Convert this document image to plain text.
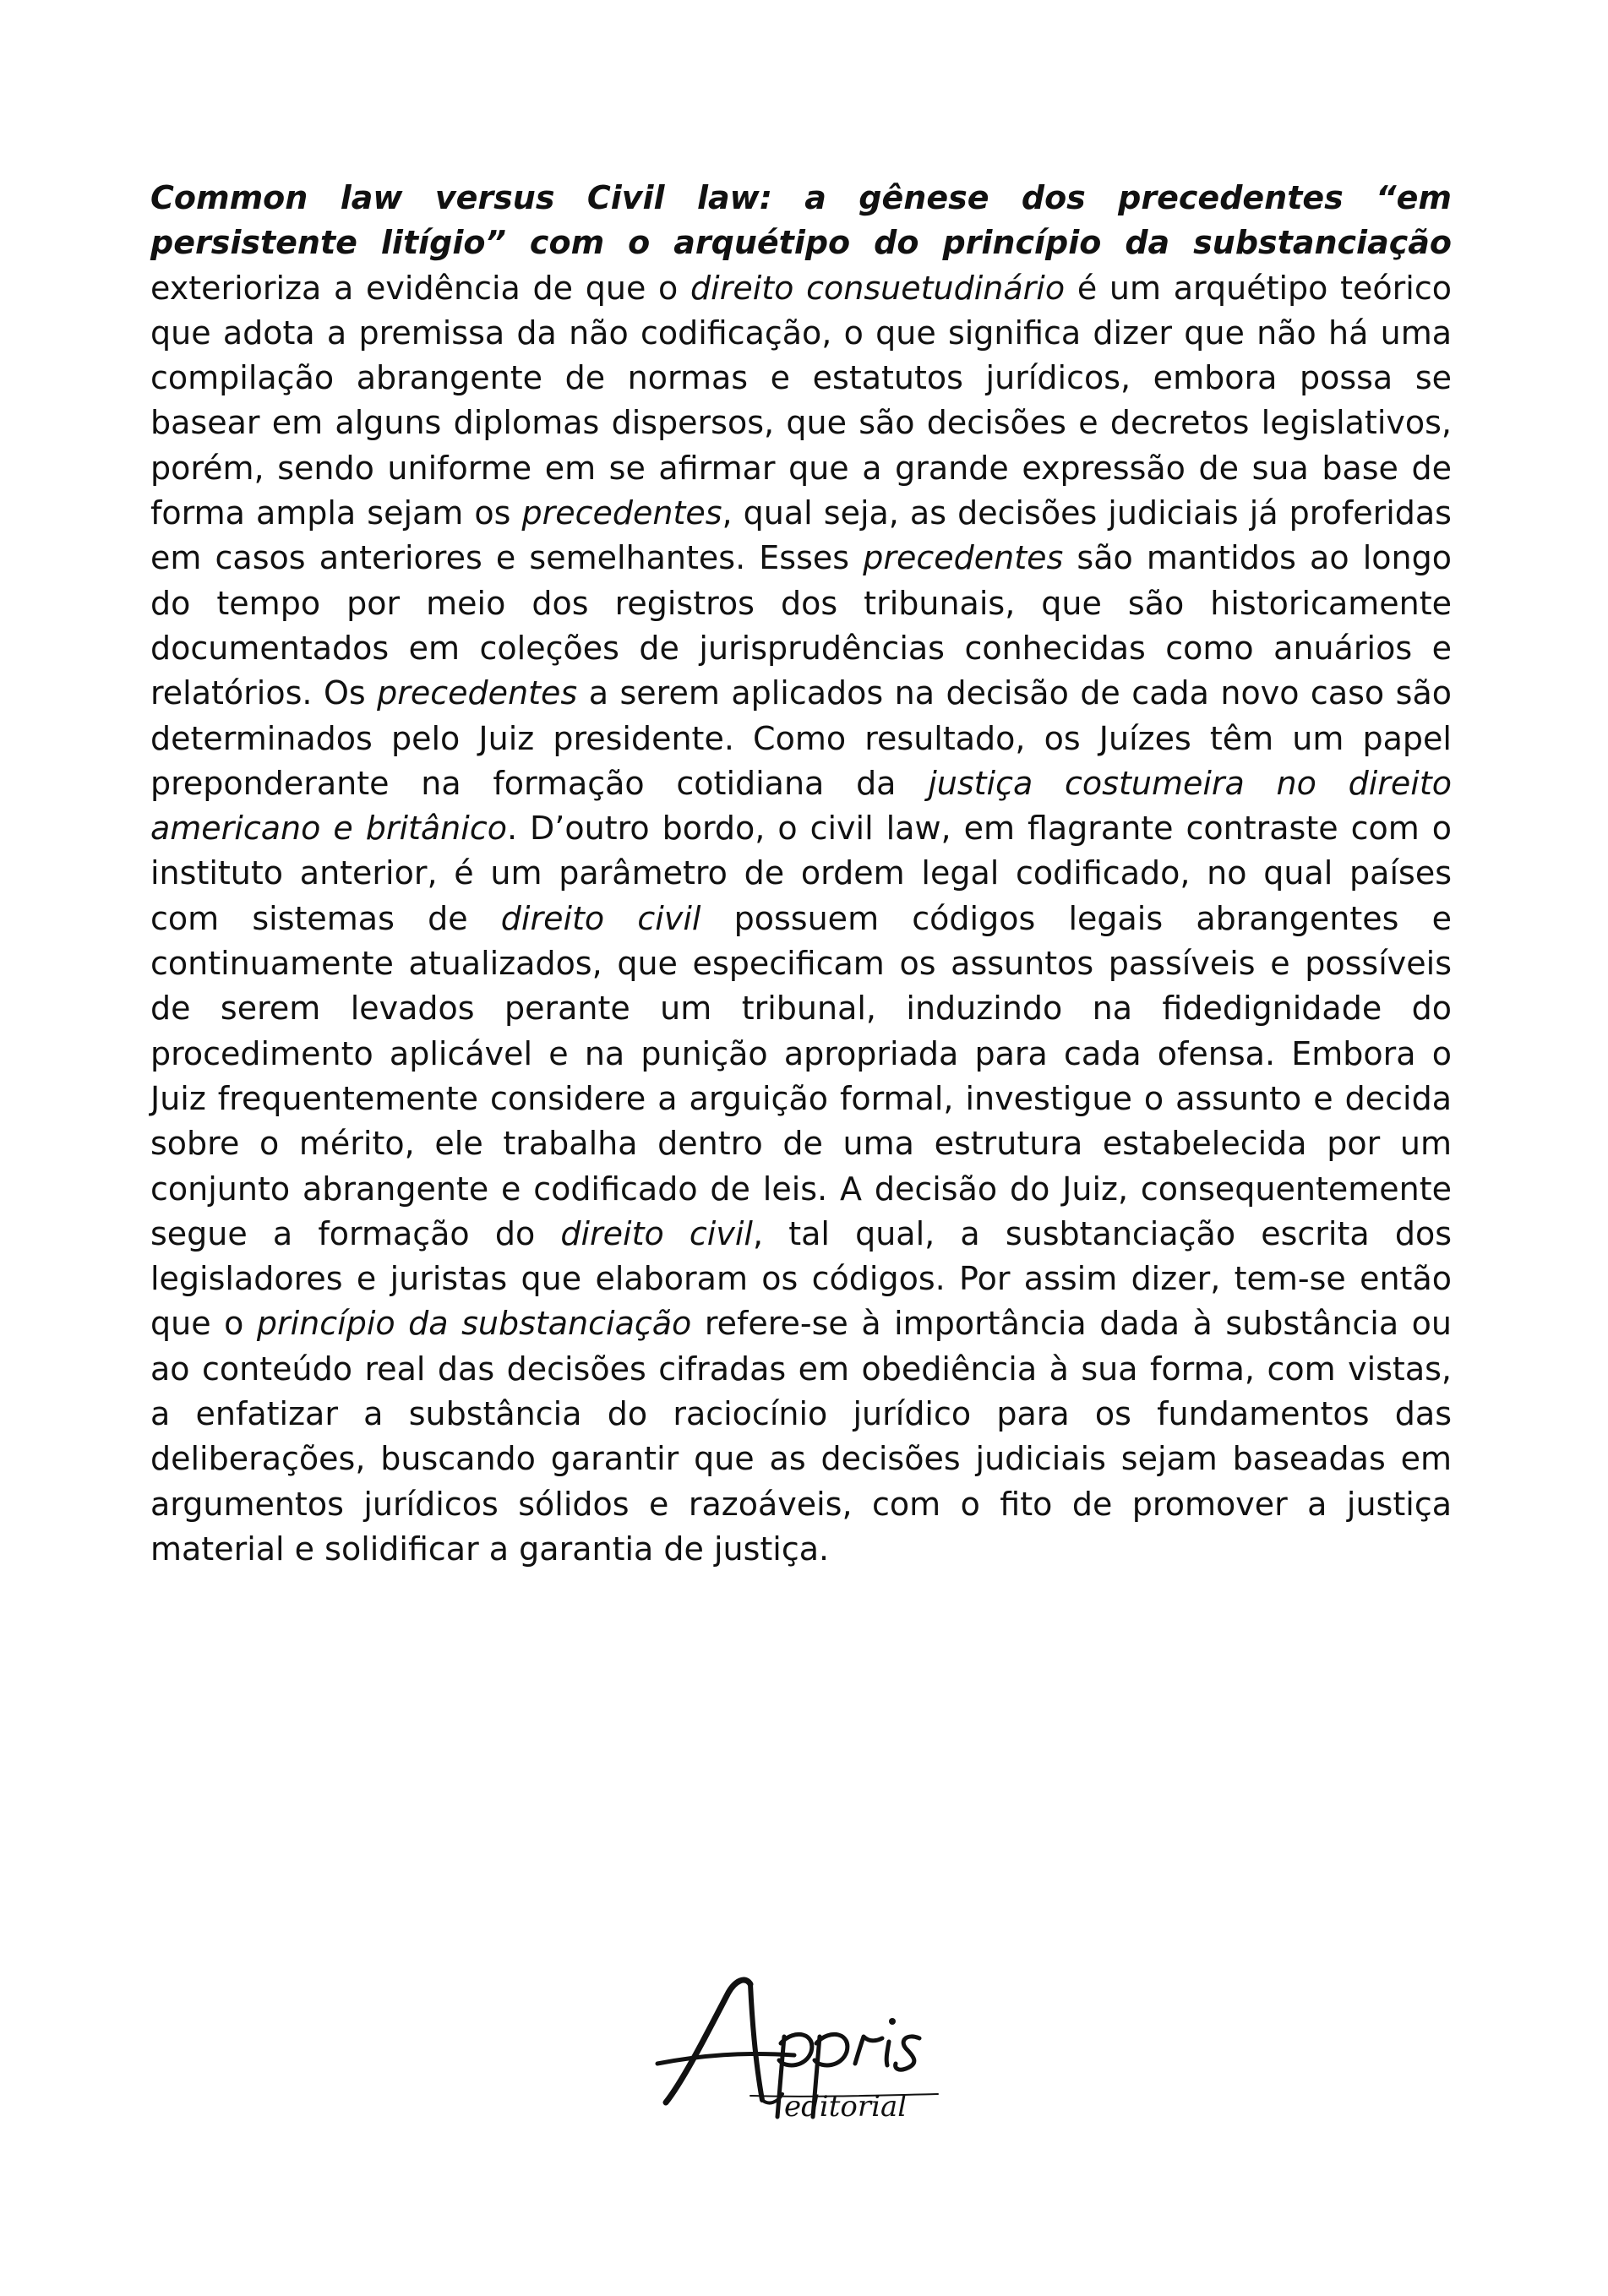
Common law versus Civil law: a gênese dos precedentes “em persistente litígio” com o arquétipo do princípio da substanciação exterioriza a evidência de que o direito consuetudinário é um arquétipo teórico que adota a premissa da não codificação, o que significa dizer que não há uma compilação abrangente de normas e estatutos jurídicos, embora possa se basear em alguns diplomas dispersos, que são decisões e decretos legislativos, porém, sendo uniforme em se afirmar que a grande expressão de sua base de forma ampla sejam os precedentes, qual seja, as decisões judiciais já proferidas em casos anteriores e semelhantes. Esses precedentes são mantidos ao longo do tempo por meio dos registros dos tribunais, que são historicamente documentados em coleções de jurisprudências conhecidas como anuários e relatórios. Os precedentes a serem aplicados na decisão de cada novo caso são determinados pelo Juiz presidente. Como resultado, os Juízes têm um papel preponderante na formação cotidiana da justiça costumeira no direito americano e britânico. D’outro bordo, o civil law, em flagrante contraste com o instituto anterior, é um parâmetro de ordem legal codificado, no qual países com sistemas de direito civil possuem códigos legais abrangentes e continuamente atualizados, que especificam os assuntos passíveis e possíveis de serem levados perante um tribunal, induzindo na fidedignidade do procedimento aplicável e na punição apropriada para cada ofensa. Embora o Juiz frequentemente considere a arguição formal, investigue o assunto e decida sobre o mérito, ele trabalha dentro de uma estrutura estabelecida por um conjunto abrangente e codificado de leis. A decisão do Juiz, consequentemente segue a formação do direito civil, tal qual, a susbtanciação escrita dos legisladores e juristas que elaboram os códigos. Por assim dizer, tem-se então que o princípio da substanciação refere-se à importância dada à substância ou ao conteúdo real das decisões cifradas em obediência à sua forma, com vistas, a enfatizar a substância do raciocínio jurídico para os fundamentos das deliberações, buscando garantir que as decisões judiciais sejam baseadas em argumentos jurídicos sólidos e razoáveis, com o fito de promover a justiça material e solidificar a garantia de justiça.

editorial
